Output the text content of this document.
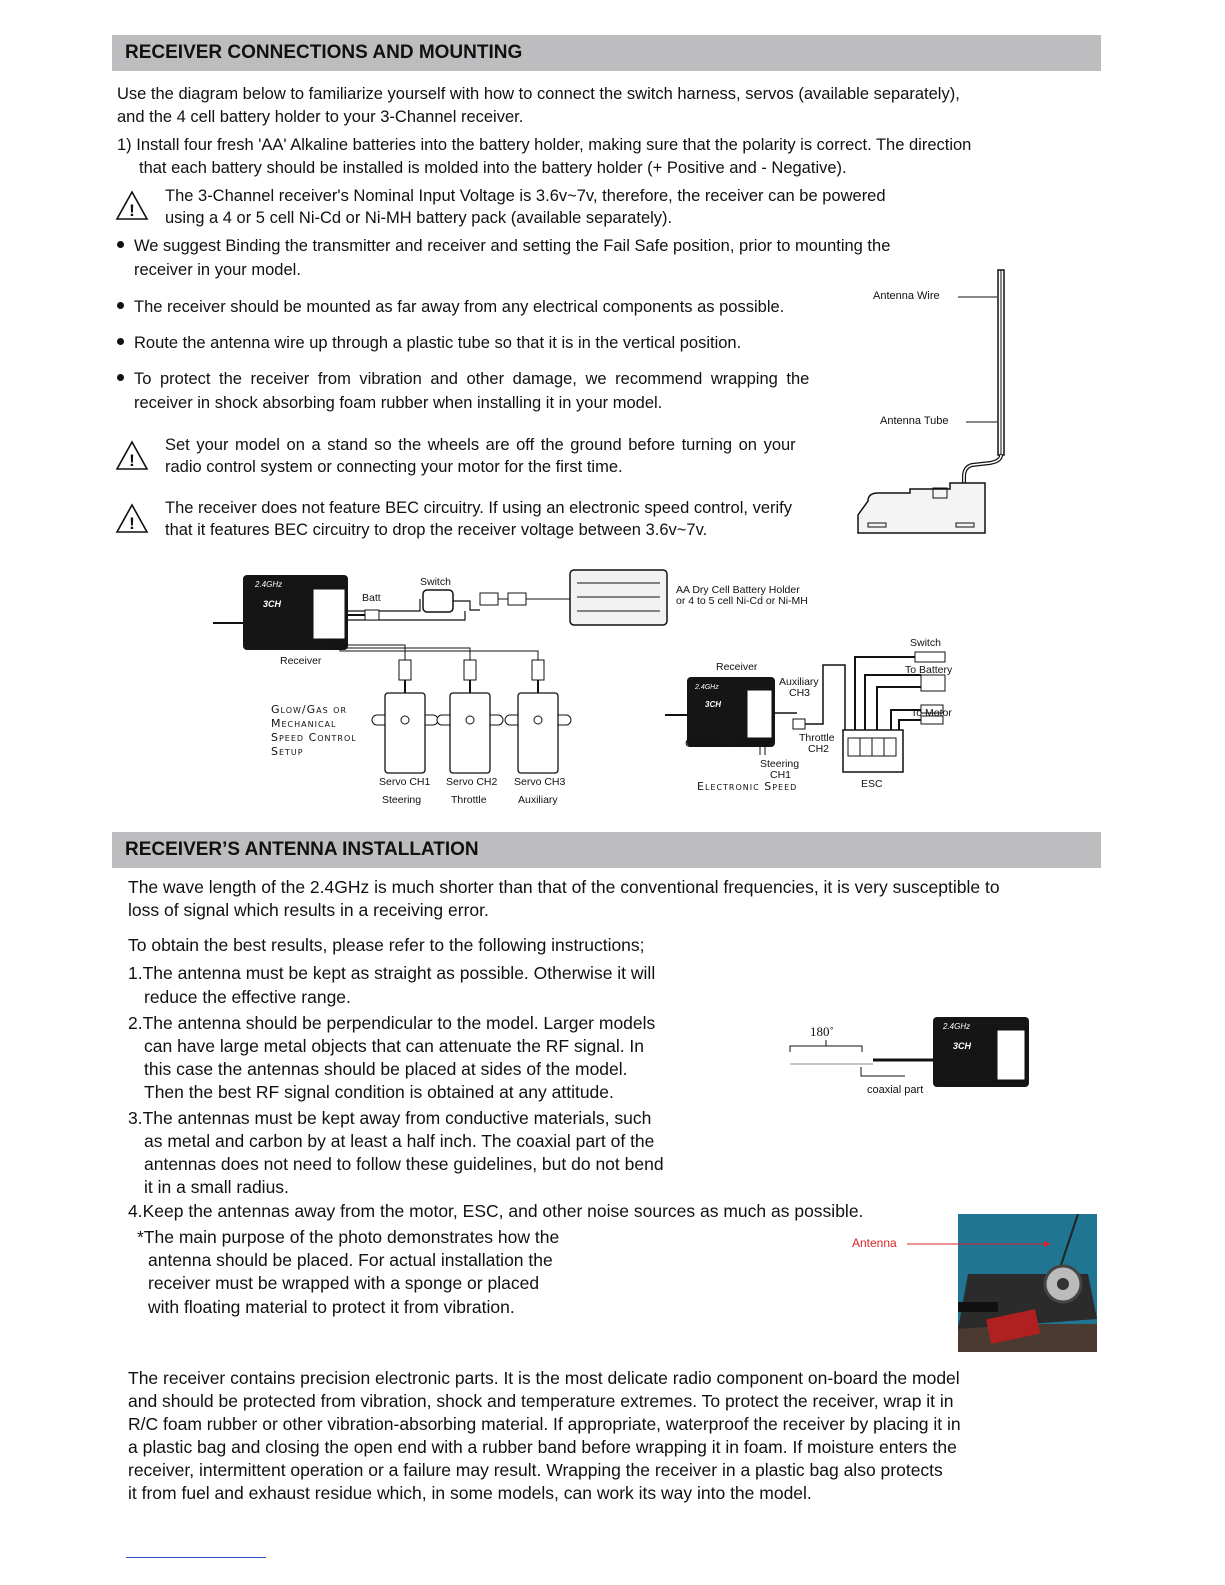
RECEIVER CONNECTIONS AND MOUNTING
Use the diagram below to familiarize yourself with how to connect the switch harness, servos (available separately),
and the 4 cell battery holder to your 3-Channel receiver.
1) Install four fresh 'AA' Alkaline batteries into the battery holder, making sure that the polarity is correct. The direction
that each battery should be installed is molded into the battery holder (+ Positive and - Negative).
!
The 3-Channel receiver's Nominal Input Voltage is 3.6v~7v, therefore, the receiver can be powered
using a 4 or 5 cell Ni-Cd or Ni-MH battery pack (available separately).
We suggest Binding the transmitter and receiver and setting the Fail Safe position, prior to mounting the
receiver in your model.
The receiver should be mounted as far away from any electrical components as possible.
Route the antenna wire up through a plastic tube so that it is in the vertical position.
To protect the receiver from vibration and other damage, we recommend wrapping the
receiver in shock absorbing foam rubber when installing it in your model.
!
Set your model on a stand so the wheels are off the ground before turning on your
radio control system or connecting your motor for the first time.
!
The receiver does not feature BEC circuitry. If using an electronic speed control, verify
that it features BEC circuitry to drop the receiver voltage between 3.6v~7v.
Antenna Wire
Antenna Tube
2.4GHz
3CH
2.4GHz
3CH
Batt
Switch
AA Dry Cell Battery Holder
or 4 to 5 cell Ni-Cd or Ni-MH
Receiver
Glow/Gas or
Mechanical
Speed Control
Setup
Servo CH1 Servo CH2 Servo CH3
Steering	Throttle	Auxiliary
Receiver
Auxiliary
CH3
Switch
To Battery
To Motor
Throttle
CH2
Steering
CH1
Control Setup
Electronic Speed	ESC
RECEIVER’S ANTENNA INSTALLATION
The wave length of the 2.4GHz is much shorter than that of the conventional frequencies, it is very susceptible to
loss of signal which results in a receiving error.
To obtain the best results, please refer to the following instructions;
1.The antenna must be kept as straight as possible. Otherwise it will
reduce the effective range.
2.The antenna should be perpendicular to the model. Larger models
can have large metal objects that can attenuate the RF signal. In
this case the antennas should be placed at sides of the model.
Then the best RF signal condition is obtained at any attitude.
3.The antennas must be kept away from conductive materials, such
as metal and carbon by at least a half inch. The coaxial part of the
antennas does not need to follow these guidelines, but do not bend
it in a small radius.
4.Keep the antennas away from the motor, ESC, and other noise sources as much as possible.
*The main purpose of the photo demonstrates how the
antenna should be placed. For actual installation the
receiver must be wrapped with a sponge or placed
with floating material to protect it from vibration.
2.4GHz
3CH
180˚
coaxial part
Antenna
The receiver contains precision electronic parts. It is the most delicate radio component on-board the model
and should be protected from vibration, shock and temperature extremes. To protect the receiver, wrap it in
R/C foam rubber or other vibration-absorbing material. If appropriate, waterproof the receiver by placing it in
a plastic bag and closing the open end with a rubber band before wrapping it in foam. If moisture enters the
receiver, intermittent operation or a failure may result. Wrapping the receiver in a plastic bag also protects
it from fuel and exhaust residue which, in some models, can work its way into the model.
